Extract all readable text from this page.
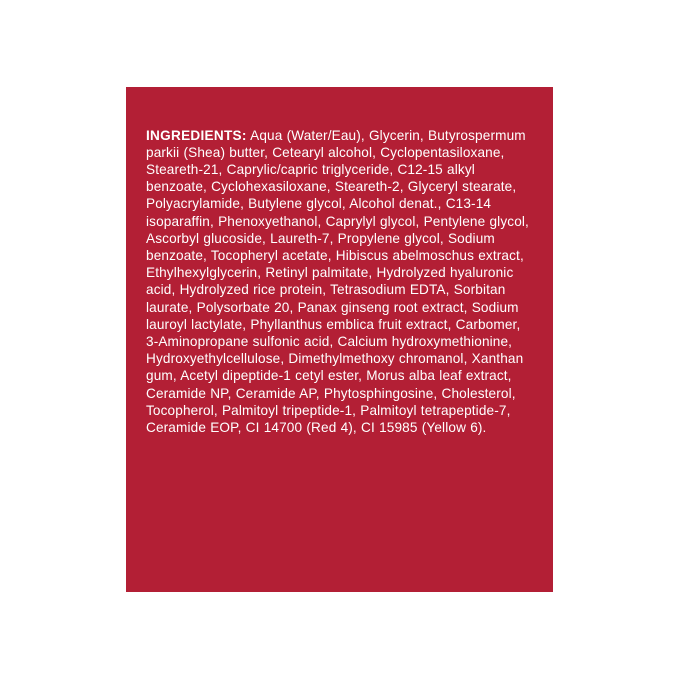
INGREDIENTS: Aqua (Water/Eau), Glycerin, Butyrospermum parkii (Shea) butter, Cetearyl alcohol, Cyclopentasiloxane, Steareth-21, Caprylic/capric triglyceride, C12-15 alkyl benzoate, Cyclohexasiloxane, Steareth-2, Glyceryl stearate, Polyacrylamide, Butylene glycol, Alcohol denat., C13-14 isoparaffin, Phenoxyethanol, Caprylyl glycol, Pentylene glycol, Ascorbyl glucoside, Laureth-7, Propylene glycol, Sodium benzoate, Tocopheryl acetate, Hibiscus abelmoschus extract, Ethylhexylglycerin, Retinyl palmitate, Hydrolyzed hyaluronic acid, Hydrolyzed rice protein, Tetrasodium EDTA, Sorbitan laurate, Polysorbate 20, Panax ginseng root extract, Sodium lauroyl lactylate, Phyllanthus emblica fruit extract, Carbomer, 3-Aminopropane sulfonic acid, Calcium hydroxymethionine, Hydroxyethylcellulose, Dimethylmethoxy chromanol, Xanthan gum, Acetyl dipeptide-1 cetyl ester, Morus alba leaf extract, Ceramide NP, Ceramide AP, Phytosphingosine, Cholesterol, Tocopherol, Palmitoyl tripeptide-1, Palmitoyl tetrapeptide-7, Ceramide EOP, CI 14700 (Red 4), CI 15985 (Yellow 6).
